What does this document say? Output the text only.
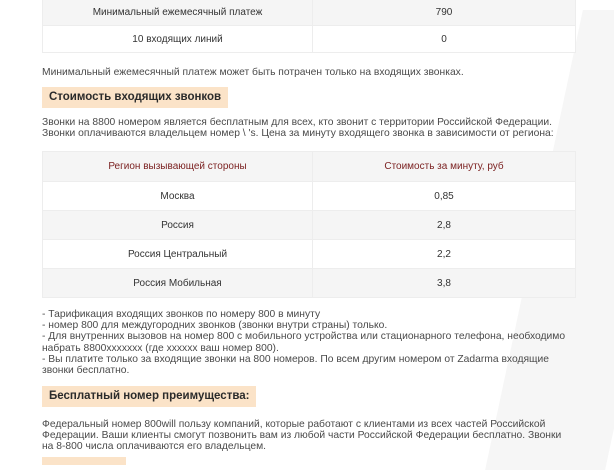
Минимальный ежемесячный платеж	790
10 входящих линий	0
Минимальный ежемесячный платеж может быть потрачен только на входящих звонках.
Стоимость входящих звонков
Звонки на 8800 номером является бесплатным для всех, кто звонит с территории Российской Федерации.
Звонки оплачиваются владельцем номер \ 's. Цена за минуту входящего звонка в зависимости от региона:
Регион вызывающей стороны	Стоимость за минуту, руб
Москва	0,85
Россия	2,8
Россия Центральный	2,2
Россия Мобильная	3,8
- Тарификация входящих звонков по номеру 800 в минуту
- номер 800 для междугородних звонков (звонки внутри страны) только.
- Для внутренних вызовов на номер 800 с мобильного устройства или стационарного телефона, необходимо
набрать 8800xxxxxxx (где xxxxxx ваш номер 800).
- Вы платите только за входящие звонки на 800 номеров. По всем другим номером от Zadarma входящие
звонки бесплатно.
Бесплатный номер преимущества:
Федеральный номер 800will пользу компаний, которые работают с клиентами из всех частей Российской
Федерации. Ваши клиенты смогут позвонить вам из любой части Российской Федерации бесплатно. Звонки
на 8-800 числа оплачиваются его владельцем.
